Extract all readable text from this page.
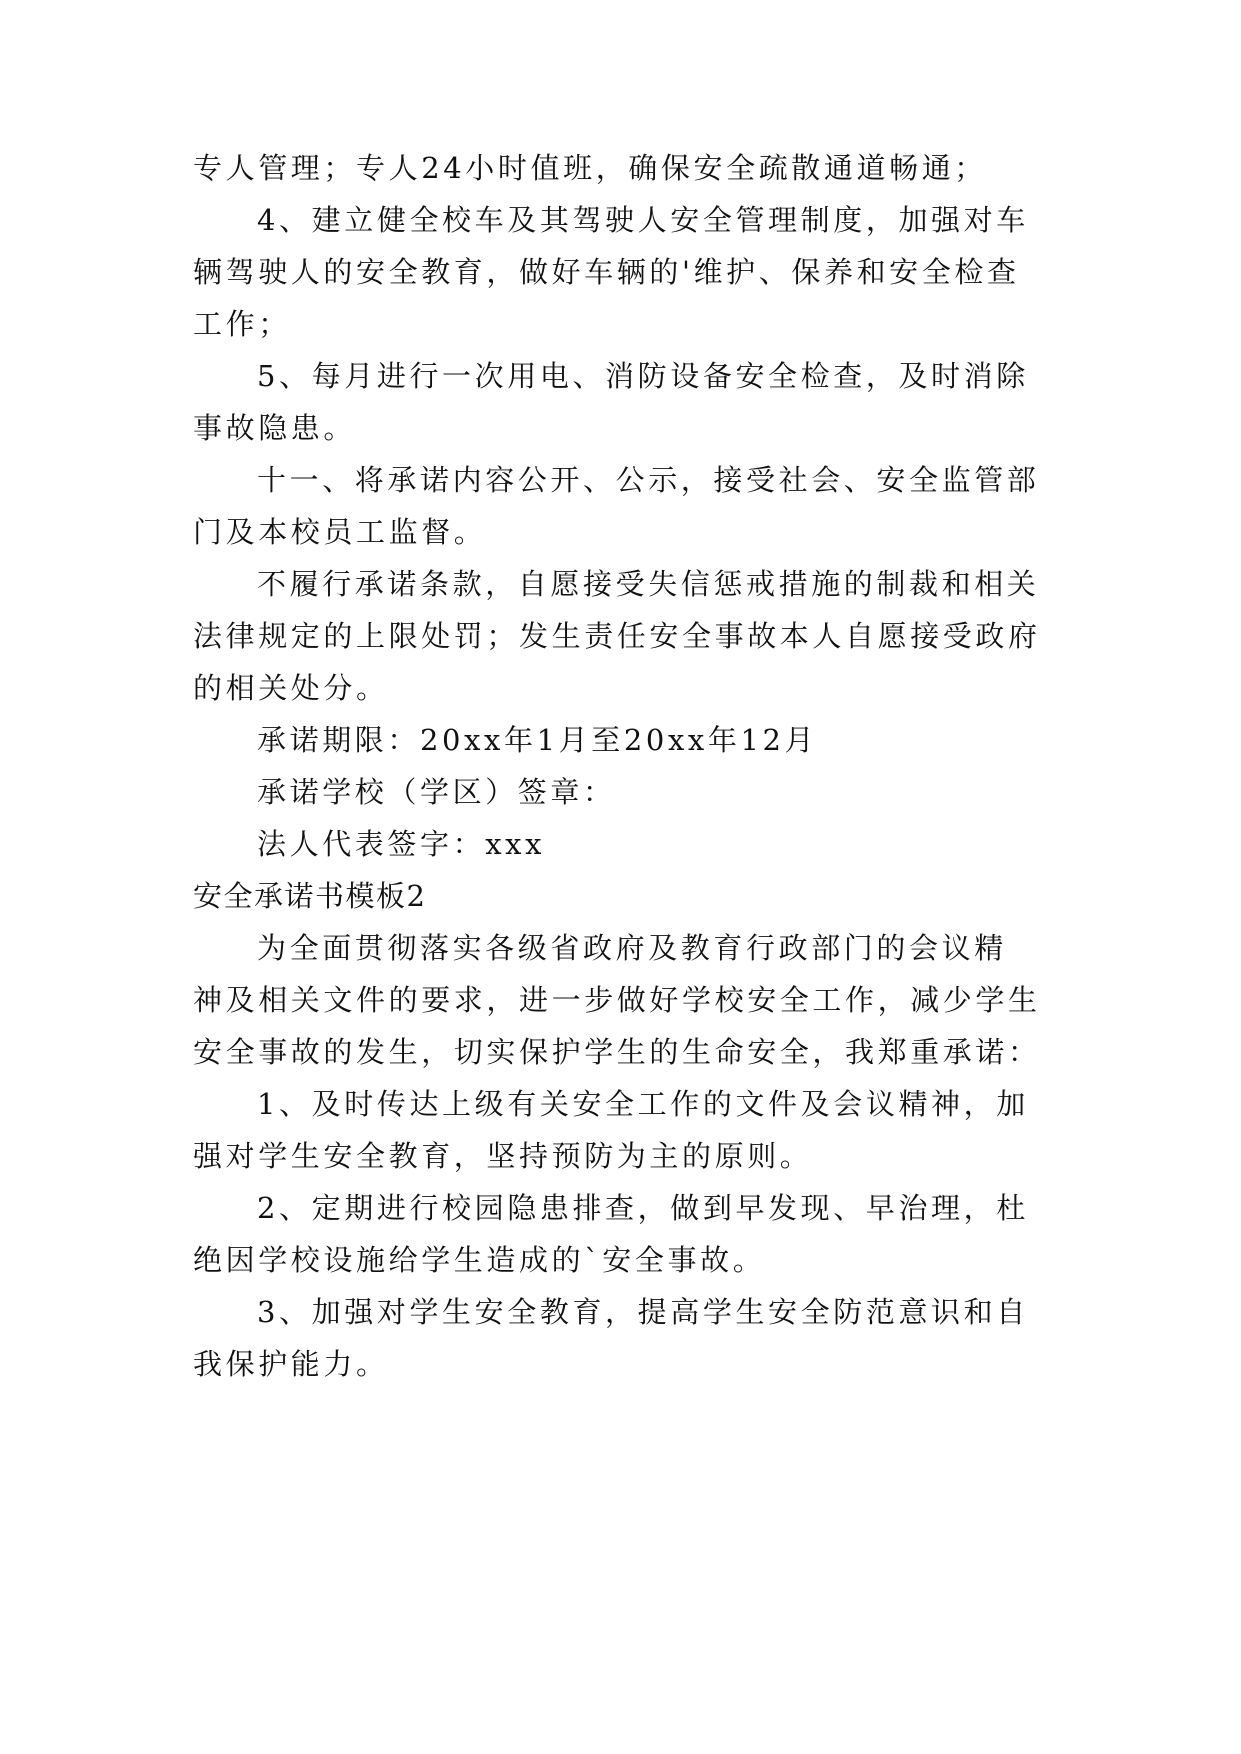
专人管理；专人24小时值班，确保安全疏散通道畅通；
4、建立健全校车及其驾驶人安全管理制度，加强对车
辆驾驶人的安全教育，做好车辆的'维护、保养和安全检查
工作；
5、每月进行一次用电、消防设备安全检查，及时消除
事故隐患。
十一、将承诺内容公开、公示，接受社会、安全监管部
门及本校员工监督。
不履行承诺条款，自愿接受失信惩戒措施的制裁和相关
法律规定的上限处罚；发生责任安全事故本人自愿接受政府
的相关处分。
承诺期限：20xx年1月至20xx年12月
承诺学校（学区）签章：
法人代表签字：xxx
安全承诺书模板2
为全面贯彻落实各级省政府及教育行政部门的会议精
神及相关文件的要求，进一步做好学校安全工作，减少学生
安全事故的发生，切实保护学生的生命安全，我郑重承诺：
1、及时传达上级有关安全工作的文件及会议精神，加
强对学生安全教育，坚持预防为主的原则。
2、定期进行校园隐患排查，做到早发现、早治理，杜
绝因学校设施给学生造成的`安全事故。
3、加强对学生安全教育，提高学生安全防范意识和自
我保护能力。
